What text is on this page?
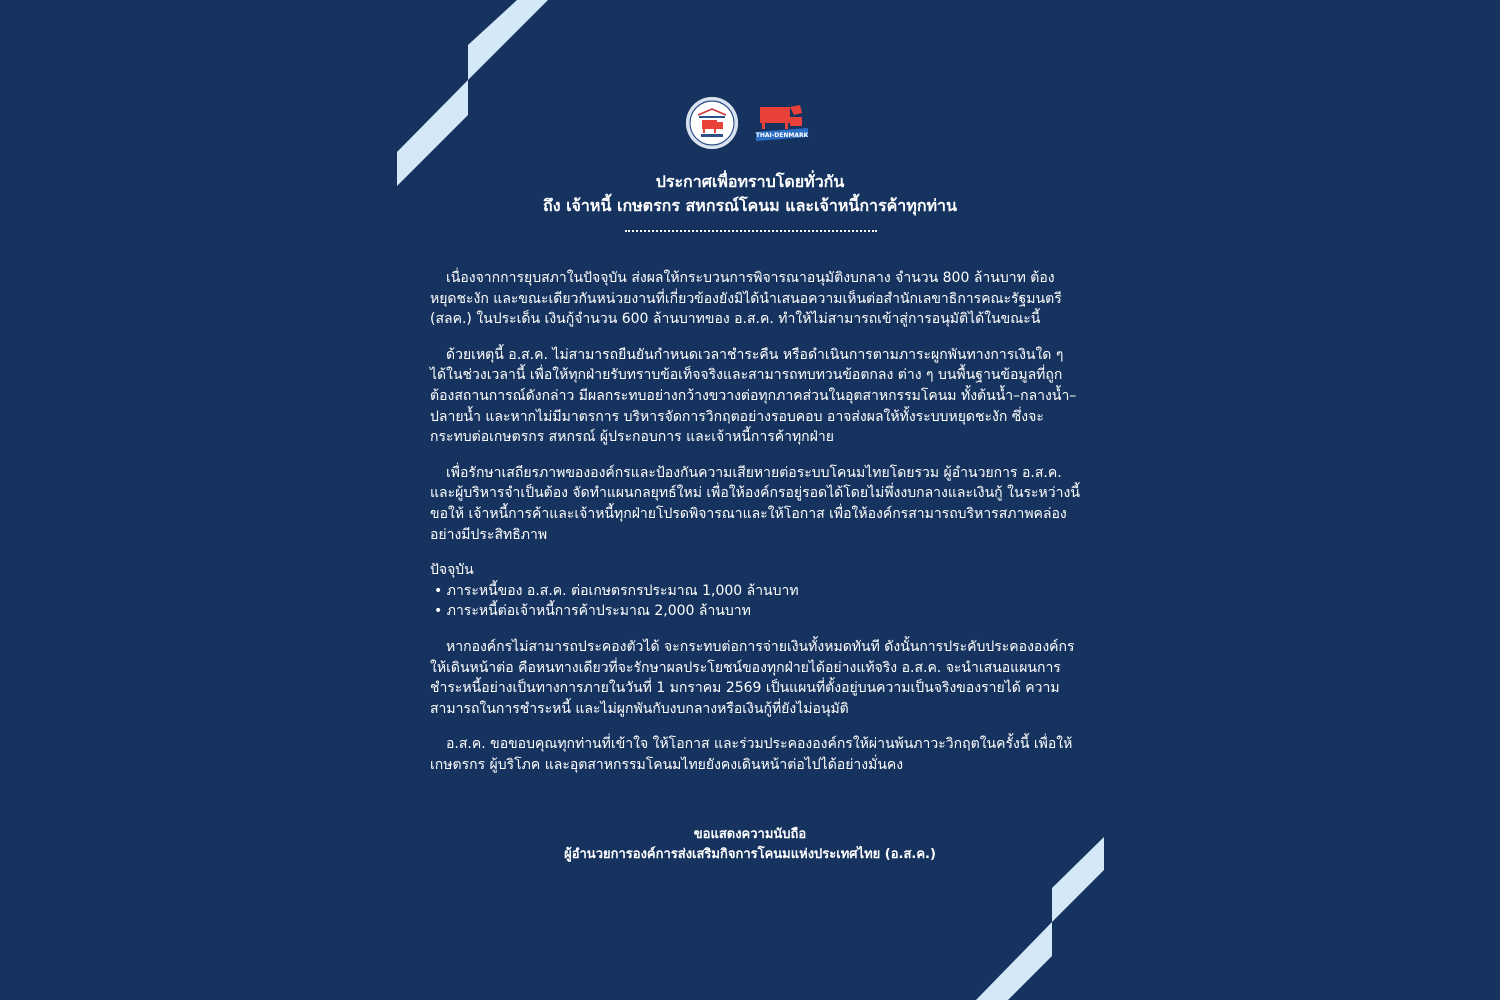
THAI-DENMARK
ประกาศเพื่อทราบโดยทั่วกัน
ถึง เจ้าหนี้ เกษตรกร สหกรณ์โคนม และเจ้าหนี้การค้าทุกท่าน

เนื่องจากการยุบสภาในปัจจุบัน ส่งผลให้กระบวนการพิจารณาอนุมัติงบกลาง จำนวน 800 ล้านบาท ต้องหยุดชะงัก และขณะเดียวกันหน่วยงานที่เกี่ยวข้องยังมิได้นำเสนอความเห็นต่อสำนักเลขาธิการคณะรัฐมนตรี (สลค.) ในประเด็น เงินกู้จำนวน 600 ล้านบาทของ อ.ส.ค. ทำให้ไม่สามารถเข้าสู่การอนุมัติได้ในขณะนี้

ด้วยเหตุนี้ อ.ส.ค. ไม่สามารถยืนยันกำหนดเวลาชำระคืน หรือดำเนินการตามภาระผูกพันทางการเงินใด ๆ ได้ในช่วงเวลานี้ เพื่อให้ทุกฝ่ายรับทราบข้อเท็จจริงและสามารถทบทวนข้อตกลง ต่าง ๆ บนพื้นฐานข้อมูลที่ถูกต้องสถานการณ์ดังกล่าว มีผลกระทบอย่างกว้างขวางต่อทุกภาคส่วนในอุตสาหกรรมโคนม ทั้งต้นน้ำ–กลางน้ำ–ปลายน้ำ และหากไม่มีมาตรการ บริหารจัดการวิกฤตอย่างรอบคอบ อาจส่งผลให้ทั้งระบบหยุดชะงัก ซึ่งจะกระทบต่อเกษตรกร สหกรณ์ ผู้ประกอบการ และเจ้าหนี้การค้าทุกฝ่าย

เพื่อรักษาเสถียรภาพขององค์กรและป้องกันความเสียหายต่อระบบโคนมไทยโดยรวม ผู้อำนวยการ อ.ส.ค. และผู้บริหารจำเป็นต้อง จัดทำแผนกลยุทธ์ใหม่ เพื่อให้องค์กรอยู่รอดได้โดยไม่พึ่งงบกลางและเงินกู้ ในระหว่างนี้ ขอให้ เจ้าหนี้การค้าและเจ้าหนี้ทุกฝ่ายโปรดพิจารณาและให้โอกาส เพื่อให้องค์กรสามารถบริหารสภาพคล่องอย่างมีประสิทธิภาพ

ปัจจุบัน

• ภาระหนี้ของ อ.ส.ค. ต่อเกษตรกรประมาณ 1,000 ล้านบาท
• ภาระหนี้ต่อเจ้าหนี้การค้าประมาณ 2,000 ล้านบาท

หากองค์กรไม่สามารถประคองตัวได้ จะกระทบต่อการจ่ายเงินทั้งหมดทันที ดังนั้นการประคับประคององค์กรให้เดินหน้าต่อ คือหนทางเดียวที่จะรักษาผลประโยชน์ของทุกฝ่ายได้อย่างแท้จริง อ.ส.ค. จะนำเสนอแผนการชำระหนี้อย่างเป็นทางการภายในวันที่ 1 มกราคม 2569 เป็นแผนที่ตั้งอยู่บนความเป็นจริงของรายได้ ความสามารถในการชำระหนี้ และไม่ผูกพันกับงบกลางหรือเงินกู้ที่ยังไม่อนุมัติ

อ.ส.ค. ขอขอบคุณทุกท่านที่เข้าใจ ให้โอกาส และร่วมประคององค์กรให้ผ่านพ้นภาวะวิกฤตในครั้งนี้ เพื่อให้เกษตรกร ผู้บริโภค และอุตสาหกรรมโคนมไทยยังคงเดินหน้าต่อไปได้อย่างมั่นคง

ขอแสดงความนับถือ
ผู้อำนวยการองค์การส่งเสริมกิจการโคนมแห่งประเทศไทย (อ.ส.ค.)
